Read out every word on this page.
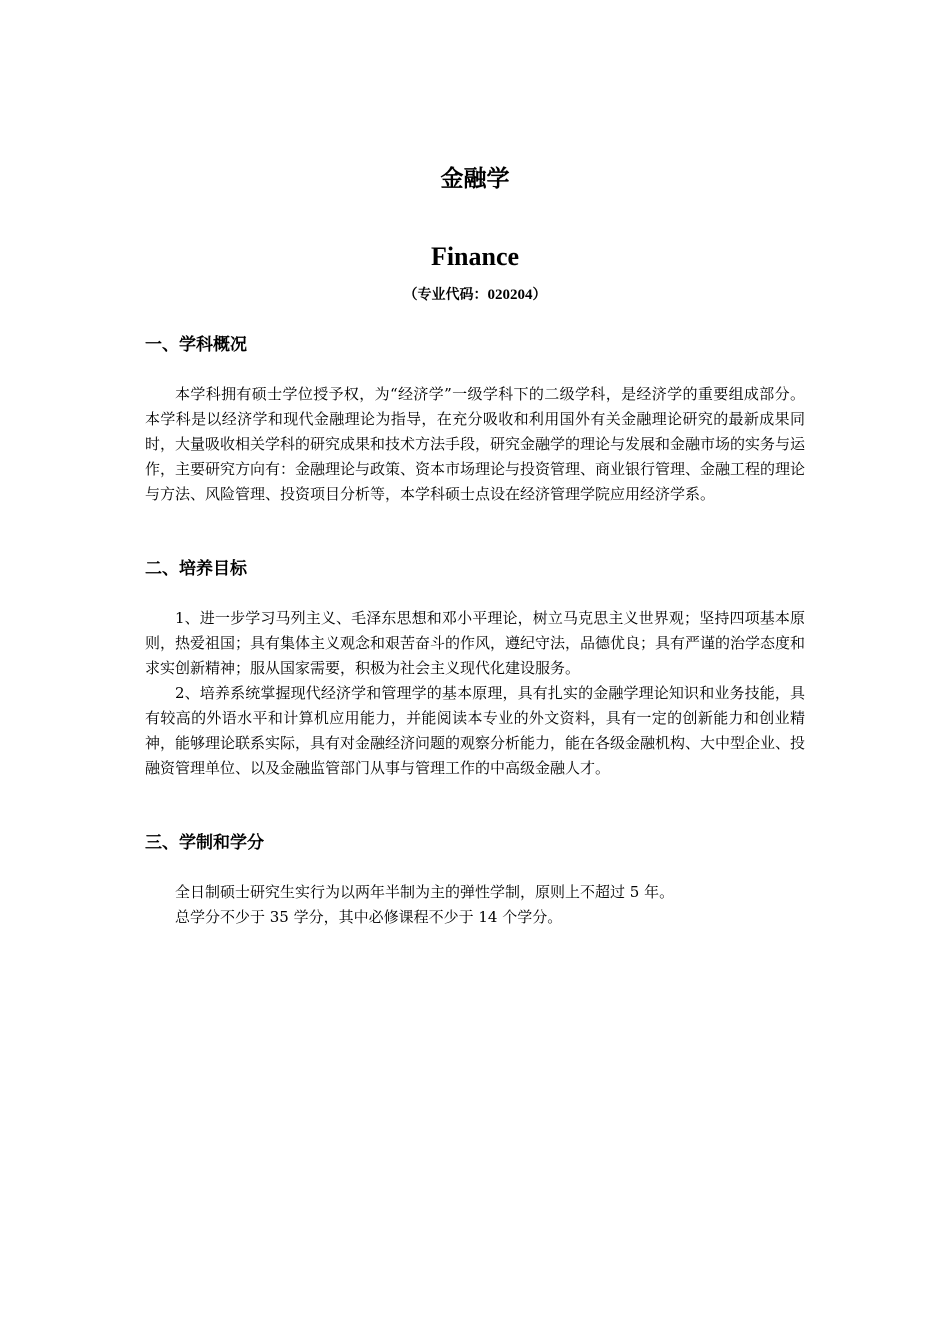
金融学
Finance

（专业代码：020204）

一、学科概况

本学科拥有硕士学位授予权，为“经济学”一级学科下的二级学科，是经济学的重要组成部分。本学科是以经济学和现代金融理论为指导，在充分吸收和利用国外有关金融理论研究的最新成果同时，大量吸收相关学科的研究成果和技术方法手段，研究金融学的理论与发展和金融市场的实务与运作，主要研究方向有：金融理论与政策、资本市场理论与投资管理、商业银行管理、金融工程的理论与方法、风险管理、投资项目分析等，本学科硕士点设在经济管理学院应用经济学系。

二、培养目标

1、进一步学习马列主义、毛泽东思想和邓小平理论，树立马克思主义世界观；坚持四项基本原则，热爱祖国；具有集体主义观念和艰苦奋斗的作风，遵纪守法，品德优良；具有严谨的治学态度和求实创新精神；服从国家需要，积极为社会主义现代化建设服务。

2、培养系统掌握现代经济学和管理学的基本原理，具有扎实的金融学理论知识和业务技能，具有较高的外语水平和计算机应用能力，并能阅读本专业的外文资料，具有一定的创新能力和创业精神，能够理论联系实际，具有对金融经济问题的观察分析能力，能在各级金融机构、大中型企业、投融资管理单位、以及金融监管部门从事与管理工作的中高级金融人才。

三、学制和学分

全日制硕士研究生实行为以两年半制为主的弹性学制，原则上不超过 5 年。

总学分不少于 35 学分，其中必修课程不少于 14 个学分。
